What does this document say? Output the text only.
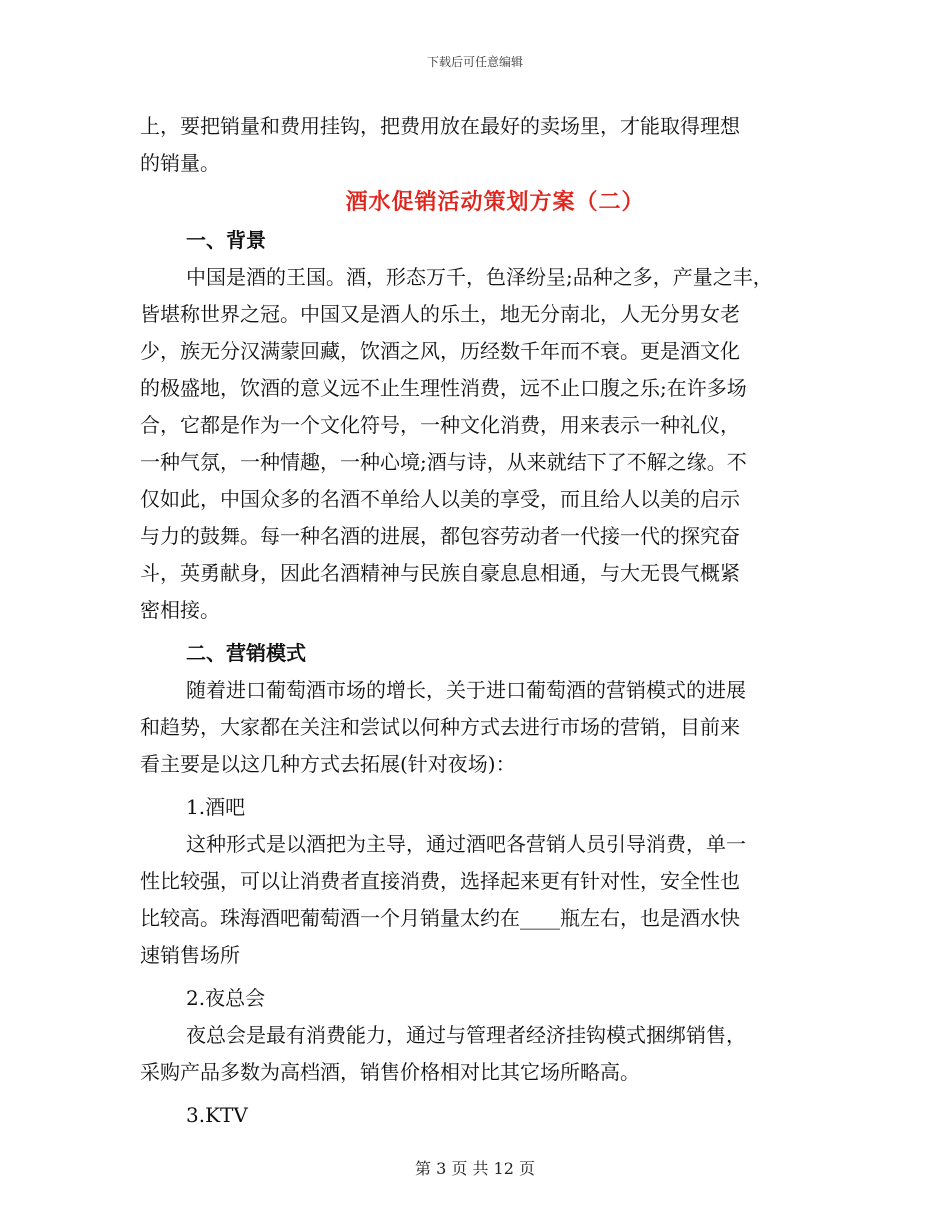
下载后可任意编辑
上，要把销量和费用挂钩，把费用放在最好的卖场里，才能取得理想
的销量。
酒水促销活动策划方案（二）
一、背景
中国是酒的王国。酒，形态万千，色泽纷呈;品种之多，产量之丰，
皆堪称世界之冠。中国又是酒人的乐土，地无分南北，人无分男女老
少，族无分汉满蒙回藏，饮酒之风，历经数千年而不衰。更是酒文化
的极盛地，饮酒的意义远不止生理性消费，远不止口腹之乐;在许多场
合，它都是作为一个文化符号，一种文化消费，用来表示一种礼仪，
一种气氛，一种情趣，一种心境;酒与诗，从来就结下了不解之缘。不
仅如此，中国众多的名酒不单给人以美的享受，而且给人以美的启示
与力的鼓舞。每一种名酒的进展，都包容劳动者一代接一代的探究奋
斗，英勇献身，因此名酒精神与民族自豪息息相通，与大无畏气概紧
密相接。
二、营销模式
随着进口葡萄酒市场的增长，关于进口葡萄酒的营销模式的进展
和趋势，大家都在关注和尝试以何种方式去进行市场的营销，目前来
看主要是以这几种方式去拓展(针对夜场)：
1.酒吧
这种形式是以酒把为主导，通过酒吧各营销人员引导消费，单一
性比较强，可以让消费者直接消费，选择起来更有针对性，安全性也
比较高。珠海酒吧葡萄酒一个月销量太约在____瓶左右，也是酒水快
速销售场所
2.夜总会
夜总会是最有消费能力，通过与管理者经济挂钩模式捆绑销售，
采购产品多数为高档酒，销售价格相对比其它场所略高。
3.KTV
第 3 页 共 12 页
